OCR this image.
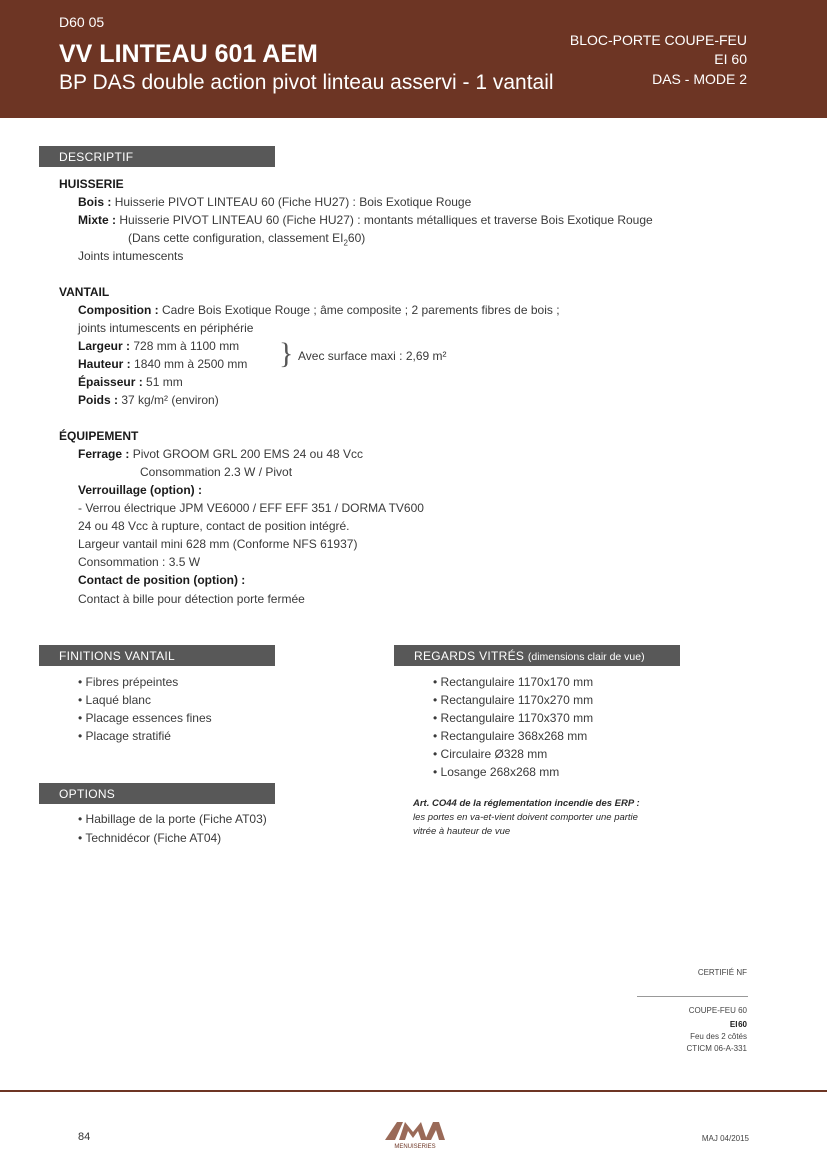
D60 05
VV LINTEAU 601 AEM
BP DAS double action pivot linteau asservi - 1 vantail
BLOC-PORTE COUPE-FEU
EI 60
DAS - MODE 2
DESCRIPTIF
HUISSERIE
Bois : Huisserie PIVOT LINTEAU 60 (Fiche HU27) : Bois Exotique Rouge
Mixte : Huisserie PIVOT LINTEAU 60 (Fiche HU27) : montants métalliques et traverse Bois Exotique Rouge
(Dans cette configuration, classement $EI_260$)
Joints intumescents
VANTAIL
Composition : Cadre Bois Exotique Rouge ; âme composite ; 2 parements fibres de bois ;
joints intumescents en périphérie
Largeur : 728 mm à 1100 mm
Hauteur : 1840 mm à 2500 mm } Avec surface maxi : 2,69 m²
Épaisseur : 51 mm
Poids : 37 kg/m² (environ)
ÉQUIPEMENT
Ferrage : Pivot GROOM GRL 200 EMS 24 ou 48 Vcc
Consommation 2.3 W / Pivot
Verrouillage (option) :
- Verrou électrique JPM VE6000 / EFF EFF 351 / DORMA TV600
24 ou 48 Vcc à rupture, contact de position intégré.
Largeur vantail mini 628 mm (Conforme NFS 61937)
Consommation : 3.5 W
Contact de position (option) :
Contact à bille pour détection porte fermée
FINITIONS VANTAIL
• Fibres prépeintes
• Laqué blanc
• Placage essences fines
• Placage stratifié
OPTIONS
• Habillage de la porte (Fiche AT03)
• Technidécor (Fiche AT04)
REGARDS VITRÉS (dimensions clair de vue)
• Rectangulaire 1170x170 mm
• Rectangulaire 1170x270 mm
• Rectangulaire 1170x370 mm
• Rectangulaire 368x268 mm
• Circulaire Ø328 mm
• Losange 268x268 mm
Art. CO44 de la réglementation incendie des ERP :
les portes en va-et-vient doivent comporter une partie
vitrée à hauteur de vue
CERTIFIÉ NF
COUPE-FEU 60
EI 60
Feu des 2 côtés
CTICM 06-A-331
84
MENUISERIES
MAJ 04/2015
